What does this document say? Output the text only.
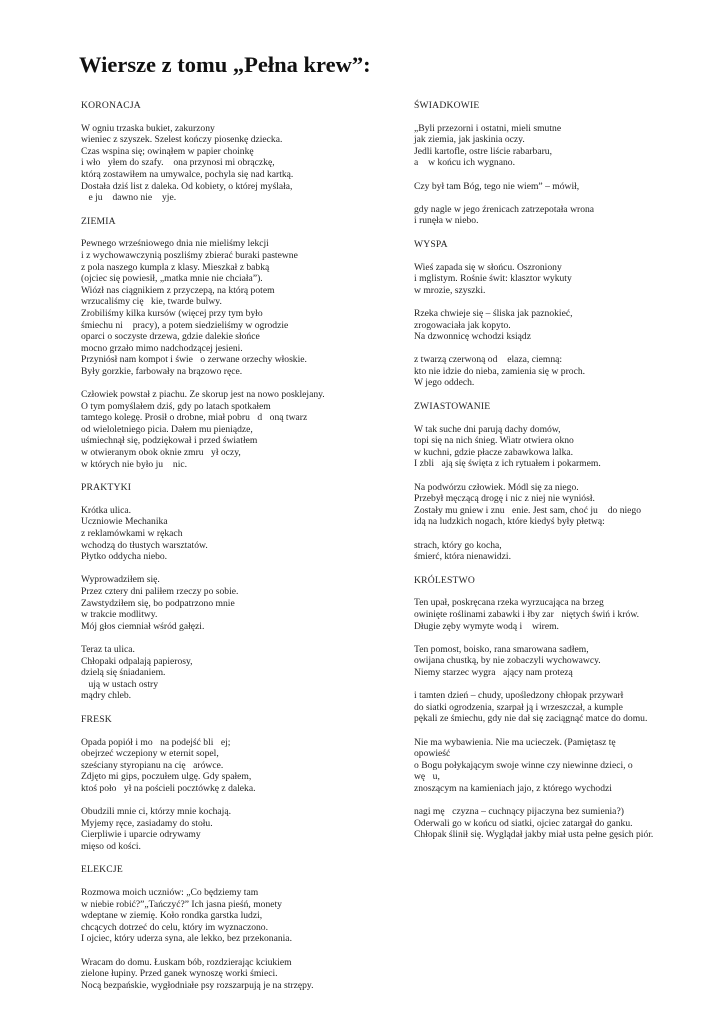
Wiersze z tomu „Pełna krew”:
KORONACJA
W ogniu trzaska bukiet, zakurzony
wieniec z szyszek. Szelest kończy piosenkę dziecka.
Czas wspina się; owinąłem w papier choinkę
i wło yłem do szafy.  ona przynosi mi obrączkę,
którą zostawiłem na umywalce, pochyla się nad kartką.
Dostała dziś list z daleka. Od kobiety, o której myślała,
 e ju  dawno nie  yje.
ZIEMIA
Pewnego wrześniowego dnia nie mieliśmy lekcji
i z wychowawczynią poszliśmy zbierać buraki pastewne
z pola naszego kumpla z klasy. Mieszkał z babką
(ojciec się powiesił, „matka mnie nie chciała”).
Wiózł nas ciągnikiem z przyczepą, na którą potem
wrzucaliśmy cię kie, twarde bulwy.
Zrobiliśmy kilka kursów (więcej przy tym było
śmiechu ni  pracy), a potem siedzieliśmy w ogrodzie
oparci o soczyste drzewa, gdzie dalekie słońce
mocno grzało mimo nadchodzącej jesieni.
Przyniósł nam kompot i świe o zerwane orzechy włoskie.
Były gorzkie, farbowały na brązowo ręce.
Człowiek powstał z piachu. Ze skorup jest na nowo posklejany.
O tym pomyślałem dziś, gdy po latach spotkałem
tamtego kolegę. Prosił o drobne, miał pobru d oną twarz
od wieloletniego picia. Dałem mu pieniądze,
uśmiechnął się, podziękował i przed światłem
w otwieranym obok oknie zmru ył oczy,
w których nie było ju  nic.
PRAKTYKI
Krótka ulica.
Uczniowie Mechanika
z reklamówkami w rękach
wchodzą do tłustych warsztatów.
Płytko oddycha niebo.
Wyprowadziłem się.
Przez cztery dni paliłem rzeczy po sobie.
Zawstydziłem się, bo podpatrzono mnie
w trakcie modlitwy.
Mój głos ciemniał wśród gałęzi.
Teraz ta ulica.
Chłopaki odpalają papierosy,
dzielą się śniadaniem.
 ują w ustach ostry
mądry chleb.
FRESK
Opada popiół i mo na podejść bli ej;
obejrzeć wczepiony w eternit sopel,
sześciany styropianu na cię arówce.
Zdjęto mi gips, poczułem ulgę. Gdy spałem,
ktoś poło ył na pościeli pocztówkę z daleka.
Obudzili mnie ci, którzy mnie kochają.
Myjemy ręce, zasiadamy do stołu.
Cierpliwie i uparcie odrywamy
mięso od kości.
ELEKCJE
Rozmowa moich uczniów: „Co będziemy tam
w niebie robić?”„Tańczyć?” Ich jasna pieśń, monety
wdeptane w ziemię. Koło rondka garstka ludzi,
chcących dotrzeć do celu, który im wyznaczono.
I ojciec, który uderza syna, ale lekko, bez przekonania.
Wracam do domu. Łuskam bób, rozdzierając kciukiem
zielone łupiny. Przed ganek wynoszę worki śmieci.
Nocą bezpańskie, wygłodniałe psy rozszarpują je na strzępy.
ŚWIADKOWIE
„Byli przezorni i ostatni, mieli smutne
jak ziemia, jak jaskinia oczy.
Jedli kartofle, ostre liście rabarbaru,
a  w końcu ich wygnano.
Czy był tam Bóg, tego nie wiem” – mówił,
gdy nagle w jego źrenicach zatrzepotała wrona
i runęła w niebo.
WYSPA
Wieś zapada się w słońcu. Oszroniony
i mglistym. Rośnie świt: klasztor wykuty
w mrozie, szyszki.
Rzeka chwieje się – śliska jak paznokieć,
zrogowaciała jak kopyto.
Na dzwonnicę wchodzi ksiądz
z twarzą czerwoną od  elaza, ciemną:
kto nie idzie do nieba, zamienia się w proch.
W jego oddech.
ZWIASTOWANIE
W tak suche dni parują dachy domów,
topi się na nich śnieg. Wiatr otwiera okno
w kuchni, gdzie płacze zabawkowa lalka.
I zbli ają się święta z ich rytuałem i pokarmem.
Na podwórzu człowiek. Módl się za niego.
Przebył męczącą drogę i nic z niej nie wyniósł.
Zostały mu gniew i znu enie. Jest sam, choć ju  do niego
idą na ludzkich nogach, które kiedyś były płetwą:
strach, który go kocha,
śmierć, która nienawidzi.
KRÓLESTWO
Ten upał, poskręcana rzeka wyrzucająca na brzeg
owinięte roślinami zabawki i łby zar niętych świń i krów.
Długie zęby wymyte wodą i  wirem.
Ten pomost, boisko, rana smarowana sadłem,
owijana chustką, by nie zobaczyli wychowawcy.
Niemy starzec wygra ający nam protezą
i tamten dzień – chudy, upośledzony chłopak przywarł
do siatki ogrodzenia, szarpał ją i wrzeszczał, a kumple
pękali ze śmiechu, gdy nie dał się zaciągnąć matce do domu.
Nie ma wybawienia. Nie ma ucieczek. (Pamiętasz tę
opowieść
o Bogu połykającym swoje winne czy niewinne dzieci, o
wę u,
znoszącym na kamieniach jajo, z którego wychodzi
nagi mę czyzna – cuchnący pijaczyna bez sumienia?)
Oderwali go w końcu od siatki, ojciec zatargał do ganku.
Chłopak ślinił się. Wyglądał jakby miał usta pełne gęsich piór.
